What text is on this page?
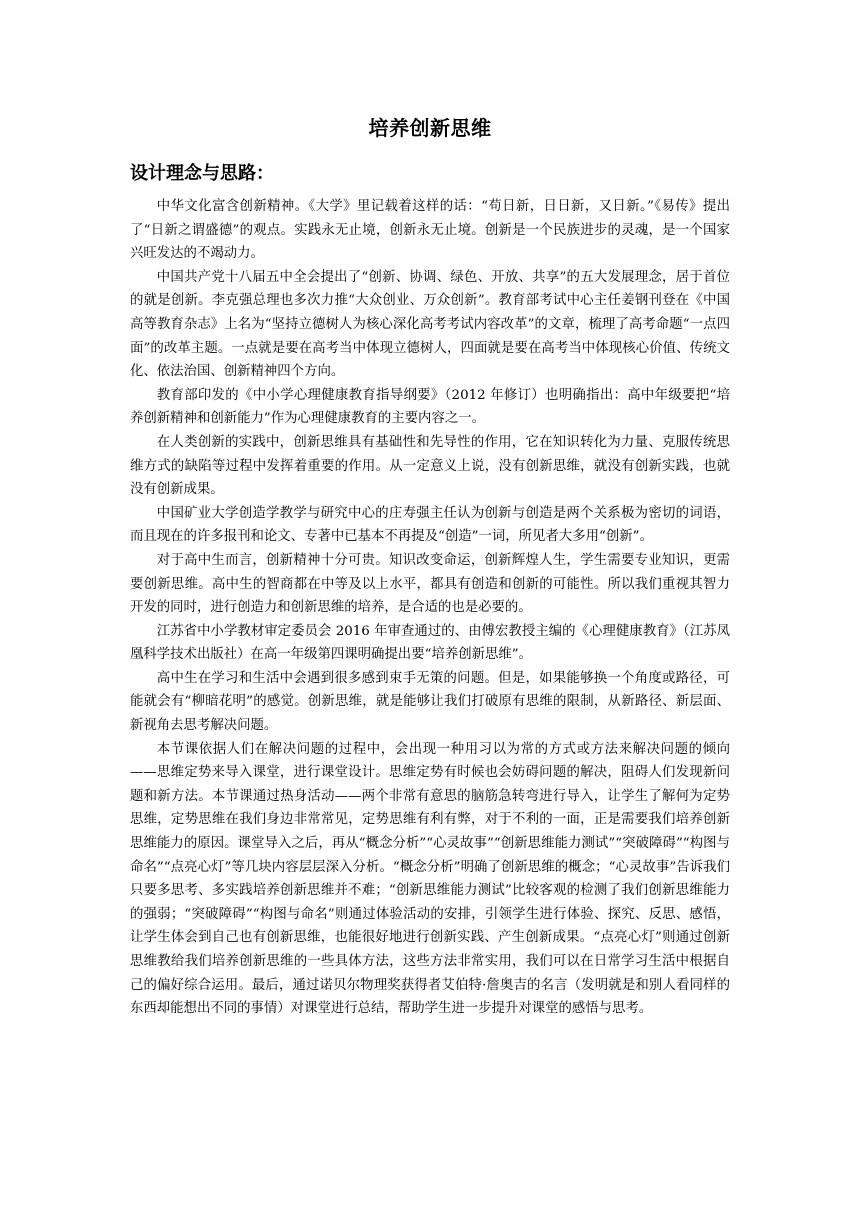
培养创新思维
设计理念与思路：

中华文化富含创新精神。《大学》里记载着这样的话：“苟日新，日日新，又日新。”《易传》提出了“日新之谓盛德”的观点。实践永无止境，创新永无止境。创新是一个民族进步的灵魂，是一个国家兴旺发达的不竭动力。

中国共产党十八届五中全会提出了“创新、协调、绿色、开放、共享”的五大发展理念，居于首位的就是创新。李克强总理也多次力推“大众创业、万众创新”。教育部考试中心主任姜钢刊登在《中国高等教育杂志》上名为“坚持立德树人为核心深化高考考试内容改革”的文章，梳理了高考命题“一点四面”的改革主题。一点就是要在高考当中体现立德树人，四面就是要在高考当中体现核心价值、传统文化、依法治国、创新精神四个方向。

教育部印发的《中小学心理健康教育指导纲要》（2012 年修订）也明确指出：高中年级要把“培养创新精神和创新能力”作为心理健康教育的主要内容之一。

在人类创新的实践中，创新思维具有基础性和先导性的作用，它在知识转化为力量、克服传统思维方式的缺陷等过程中发挥着重要的作用。从一定意义上说，没有创新思维，就没有创新实践，也就没有创新成果。

中国矿业大学创造学教学与研究中心的庄寿强主任认为创新与创造是两个关系极为密切的词语，而且现在的许多报刊和论文、专著中已基本不再提及“创造”一词，所见者大多用“创新”。

对于高中生而言，创新精神十分可贵。知识改变命运，创新辉煌人生，学生需要专业知识，更需要创新思维。高中生的智商都在中等及以上水平，都具有创造和创新的可能性。所以我们重视其智力开发的同时，进行创造力和创新思维的培养，是合适的也是必要的。

江苏省中小学教材审定委员会 2016 年审查通过的、由傅宏教授主编的《心理健康教育》（江苏凤凰科学技术出版社）在高一年级第四课明确提出要“培养创新思维”。

高中生在学习和生活中会遇到很多感到束手无策的问题。但是，如果能够换一个角度或路径，可能就会有“柳暗花明”的感觉。创新思维，就是能够让我们打破原有思维的限制，从新路径、新层面、新视角去思考解决问题。

本节课依据人们在解决问题的过程中，会出现一种用习以为常的方式或方法来解决问题的倾向——思维定势来导入课堂，进行课堂设计。思维定势有时候也会妨碍问题的解决，阻碍人们发现新问题和新方法。本节课通过热身活动——两个非常有意思的脑筋急转弯进行导入，让学生了解何为定势思维，定势思维在我们身边非常常见，定势思维有利有弊，对于不利的一面，正是需要我们培养创新思维能力的原因。课堂导入之后，再从“概念分析”“心灵故事”“创新思维能力测试”“突破障碍”“构图与命名”“点亮心灯”等几块内容层层深入分析。“概念分析”明确了创新思维的概念；“心灵故事”告诉我们只要多思考、多实践培养创新思维并不难；“创新思维能力测试”比较客观的检测了我们创新思维能力的强弱；“突破障碍”“构图与命名”则通过体验活动的安排，引领学生进行体验、探究、反思、感悟，让学生体会到自己也有创新思维，也能很好地进行创新实践、产生创新成果。“点亮心灯”则通过创新思维教给我们培养创新思维的一些具体方法，这些方法非常实用，我们可以在日常学习生活中根据自己的偏好综合运用。最后，通过诺贝尔物理奖获得者艾伯特·詹奥吉的名言（发明就是和别人看同样的东西却能想出不同的事情）对课堂进行总结，帮助学生进一步提升对课堂的感悟与思考。
